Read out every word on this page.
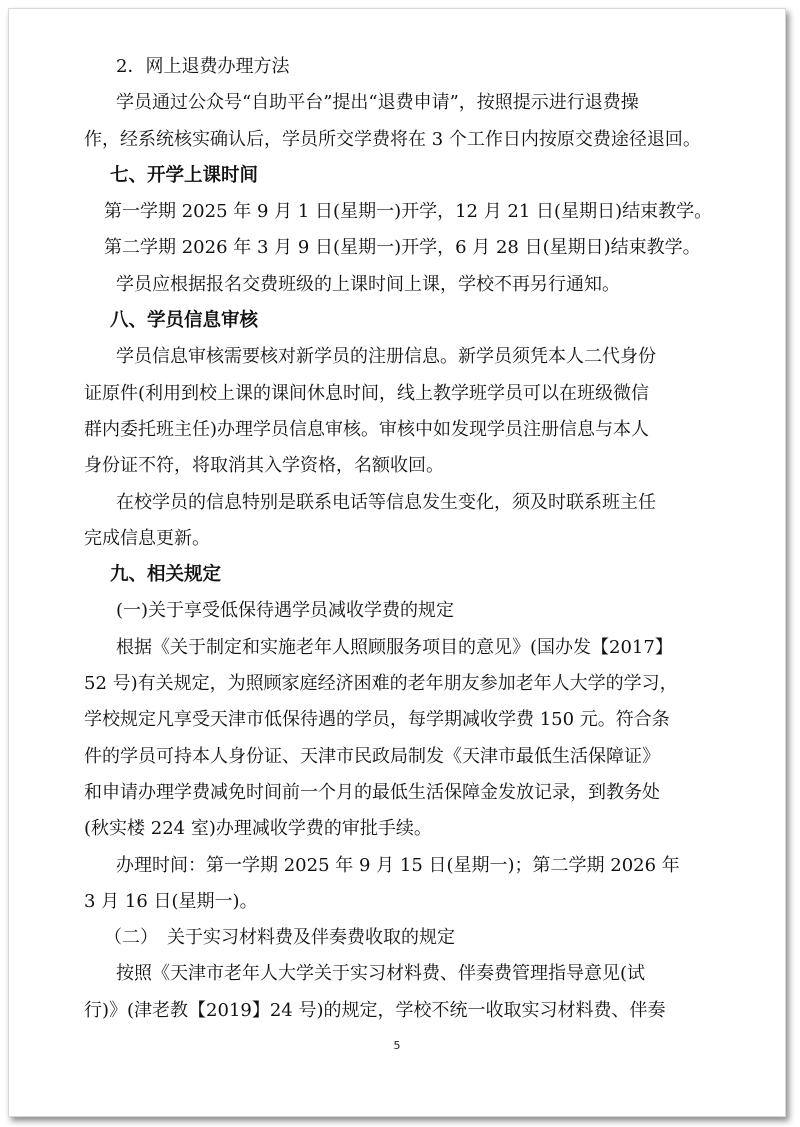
2．网上退费办理方法
学员通过公众号“自助平台”提出“退费申请”，按照提示进行退费操
作，经系统核实确认后，学员所交学费将在 3 个工作日内按原交费途径退回。
七、开学上课时间
第一学期 2025 年 9 月 1 日(星期一)开学，12 月 21 日(星期日)结束教学。
第二学期 2026 年 3 月 9 日(星期一)开学，6 月 28 日(星期日)结束教学。
学员应根据报名交费班级的上课时间上课，学校不再另行通知。
八、学员信息审核
学员信息审核需要核对新学员的注册信息。新学员须凭本人二代身份
证原件(利用到校上课的课间休息时间，线上教学班学员可以在班级微信
群内委托班主任)办理学员信息审核。审核中如发现学员注册信息与本人
身份证不符，将取消其入学资格，名额收回。
在校学员的信息特别是联系电话等信息发生变化，须及时联系班主任
完成信息更新。
九、相关规定
(一)关于享受低保待遇学员减收学费的规定
根据《关于制定和实施老年人照顾服务项目的意见》(国办发【2017】
52 号)有关规定，为照顾家庭经济困难的老年朋友参加老年人大学的学习，
学校规定凡享受天津市低保待遇的学员，每学期减收学费 150 元。符合条
件的学员可持本人身份证、天津市民政局制发《天津市最低生活保障证》
和申请办理学费减免时间前一个月的最低生活保障金发放记录，到教务处
(秋实楼 224 室)办理减收学费的审批手续。
办理时间：第一学期 2025 年 9 月 15 日(星期一)；第二学期 2026 年
3 月 16 日(星期一)。
（二）　关于实习材料费及伴奏费收取的规定
按照《天津市老年人大学关于实习材料费、伴奏费管理指导意见(试
行)》(津老教【2019】24 号)的规定，学校不统一收取实习材料费、伴奏
5
